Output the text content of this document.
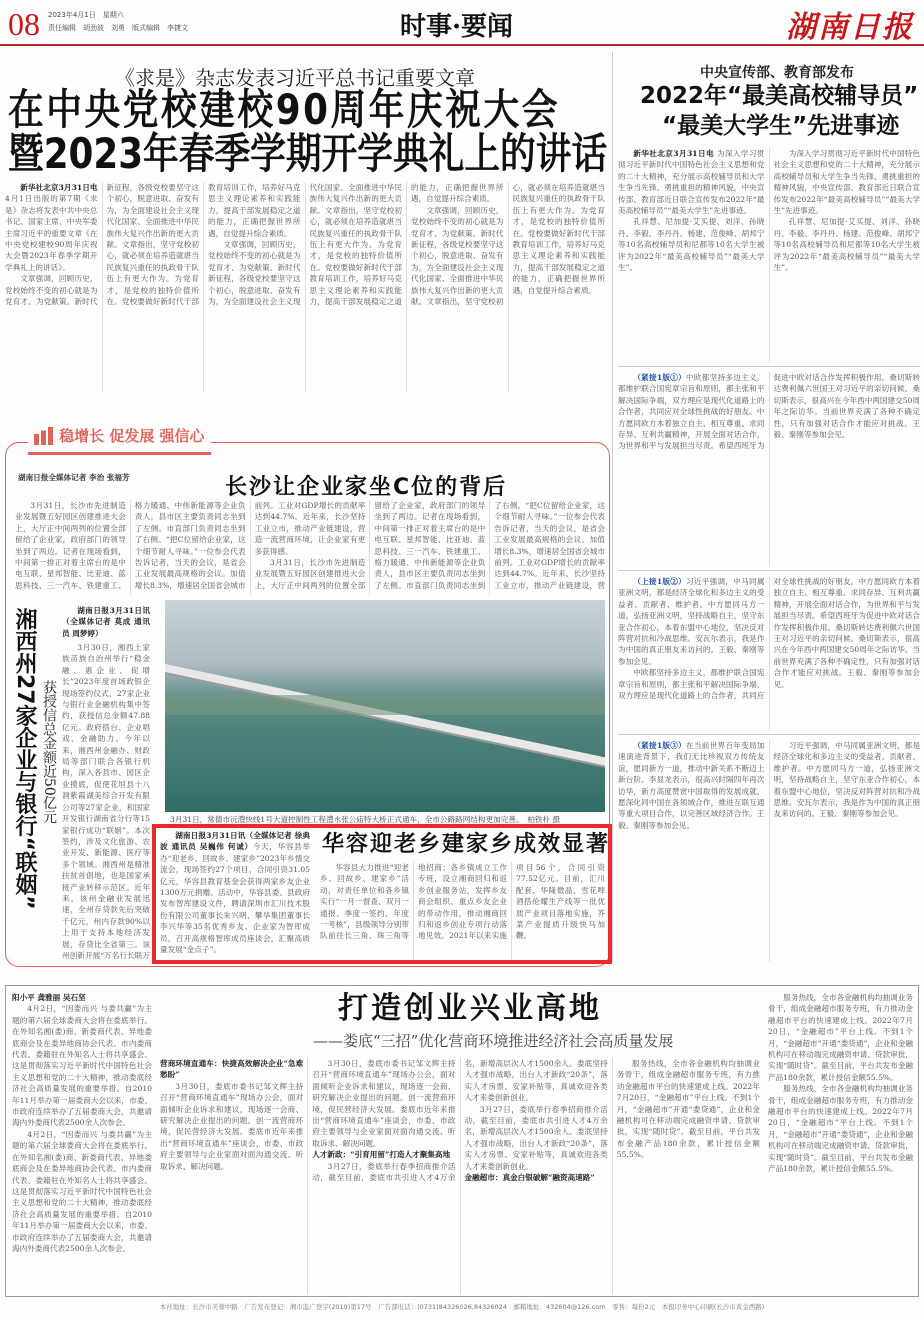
08 2023年4月1日　星期六
责任编辑　胡劲波　刘勇　版式编辑　李捷文	时事·要闻	湖南日报
《求是》杂志发表习近平总书记重要文章
在中央党校建校90周年庆祝大会
暨2023年春季学期开学典礼上的讲话

新华社北京3月31日电 4月1日出版的第7期《求是》杂志将发表中共中央总书记、国家主席、中央军委主席习近平的重要文章《在中央党校建校90周年庆祝大会暨2023年春季学期开学典礼上的讲话》。

文章强调，回顾历史，党校始终不变的初心就是为党育才、为党献策。新时代新征程，各级党校要坚守这个初心，脱意进取、奋发有为，为全面建设社会主义现代化国家、全面推进中华民族伟大复兴作出新的更大贡献。文章指出，坚守党校初心，就必须在培养造就堪当民族复兴重任的执政骨干队伍上有更大作为。为党育才，是党校的独特价值所在。党校要做好新时代干部教育培训工作，培养好马克思主义理论素养和实践能力，提高干部发展稳定之道的能力，正确把握世界所遇，自觉提升综合素质。

文章强调，回顾历史，党校始终不变的初心就是为党育才、为党献策。新时代新征程，各级党校要坚守这个初心，脱意进取、奋发有为，为全面建设社会主义现代化国家、全面推进中华民族伟大复兴作出新的更大贡献。文章指出，坚守党校初心，就必须在培养造就堪当民族复兴重任的执政骨干队伍上有更大作为。为党育才，是党校的独特价值所在。党校要做好新时代干部教育培训工作，培养好马克思主义理论素养和实践能力，提高干部发展稳定之道的能力，正确把握世界所遇，自觉提升综合素质。

文章强调，回顾历史，党校始终不变的初心就是为党育才、为党献策。新时代新征程，各级党校要坚守这个初心，脱意进取、奋发有为，为全面建设社会主义现代化国家、全面推进中华民族伟大复兴作出新的更大贡献。文章指出，坚守党校初心，就必须在培养造就堪当民族复兴重任的执政骨干队伍上有更大作为。为党育才，是党校的独特价值所在。党校要做好新时代干部教育培训工作，培养好马克思主义理论素养和实践能力，提高干部发展稳定之道的能力，正确把握世界所遇，自觉提升综合素质。

中央宣传部、教育部发布
2022年“最美高校辅导员”
“最美大学生”先进事迹

新华社北京3月31日电 为深入学习贯彻习近平新时代中国特色社会主义思想和党的二十大精神，充分展示高校辅导员和大学生争当先锋、勇挑重担的精神风貌，中央宣传部、教育部近日联合宣传发布2022年“最美高校辅导员”“最美大学生”先进事迹。

孔祥慧、尼加提·艾买提、刘洋、孙晓丹、李毅、李丹丹、杨建、范俊峰、胡邦宁等10名高校辅导员和尼都等10名大学生被评为2022年“最美高校辅导员”“最美大学生”。

为深入学习贯彻习近平新时代中国特色社会主义思想和党的二十大精神，充分展示高校辅导员和大学生争当先锋、勇挑重担的精神风貌，中央宣传部、教育部近日联合宣传发布2022年“最美高校辅导员”“最美大学生”先进事迹。

孔祥慧、尼加提·艾买提、刘洋、孙晓丹、李毅、李丹丹、杨建、范俊峰、胡邦宁等10名高校辅导员和尼都等10名大学生被评为2022年“最美高校辅导员”“最美大学生”。

（紧接1版①）中欧都坚持多边主义，都维护联合国宪章宗旨和原则，都主张和平解决国际争端，双方理应是现代化道路上的合作者，共同应对全球性挑战的好朋友。中方愿同欧方本着独立自主、相互尊重、求同存异、互利共赢精神，开展全面对话合作，为世界和平与发展担当尽责。希望西班牙为促进中欧对话合作发挥积极作用。桑切斯转达费利佩六世国王对习近平的亲切问候。桑切斯表示，很高兴在今年西中两国建交50周年之际访华。当前世界充满了各种不确定性，只有加强对话合作才能应对挑战。王毅、秦刚等参加会见。

（上接1版②）习近平强调，中马同属亚洲文明，都是经济全球化和多边主义的受益者、贡献者、维护者。中方愿同马方一道，弘扬亚洲文明，坚持战略自主，坚守东亚合作初心，本着东盟中心地位，坚决反对阵营对抗和冷战思维。安瓦尔表示，我是作为中国的真正朋友来访问的。王毅、秦刚等参加会见。

中欧都坚持多边主义，都维护联合国宪章宗旨和原则，都主张和平解决国际争端，双方理应是现代化道路上的合作者，共同应对全球性挑战的好朋友。中方愿同欧方本着独立自主、相互尊重、求同存异、互利共赢精神，开展全面对话合作，为世界和平与发展担当尽责。希望西班牙为促进中欧对话合作发挥积极作用。桑切斯转达费利佩六世国王对习近平的亲切问候。桑切斯表示，很高兴在今年西中两国建交50周年之际访华。当前世界充满了各种不确定性，只有加强对话合作才能应对挑战。王毅、秦刚等参加会见。

（紧接1版③）在当前世界百年变局加速演进背景下，我们无比珍视双方传统友谊，愿同新方一道，推动中新关系不断迈上新台阶。李显龙表示，很高兴时隔四年再次访华，新方高度赞赏中国取得的发展成就，愿深化同中国在各领域合作，推进互联互通等重大项目合作，以完善区域经济合作。王毅、秦刚等参加会见。

习近平强调，中马同属亚洲文明，都是经济全球化和多边主义的受益者、贡献者、维护者。中方愿同马方一道，弘扬亚洲文明，坚持战略自主，坚守东亚合作初心，本着东盟中心地位，坚决反对阵营对抗和冷战思维。安瓦尔表示，我是作为中国的真正朋友来访问的。王毅、秦刚等参加会见。

稳增长 促发展 强信心
长沙让企业家坐C位的背后
湖南日报全媒体记者 李治 张福芳

3月31日，长沙市先进制造业发展暨五好园区创建推进大会上，大厅正中间两列的位置全部留给了企业家，政府部门的领导坐到了两边。记者在现场看到，中间第一排正对着主席台的是中电互联、星邦智能、比亚迪、蓝思科技、三一汽车、铁建重工、格力暖通、中伟新能源等企业负责人，县市区主要负责同志坐到了左侧。市直部门负责同志坐到了右侧。“把C位留给企业家，这个细节耐人寻味。”一位参会代表告诉记者，当天的会议，是省会工业发展最高规格的会议。加值增长8.3%，增速居全国省会城市前列。工业对GDP增长的贡献率达到44.7%。近年来，长沙坚持工业立市，推动产业链建设，营造一流营商环境，让企业家有更多获得感。

3月31日，长沙市先进制造业发展暨五好园区创建推进大会上，大厅正中间两列的位置全部留给了企业家，政府部门的领导坐到了两边。记者在现场看到，中间第一排正对着主席台的是中电互联、星邦智能、比亚迪、蓝思科技、三一汽车、铁建重工、格力暖通、中伟新能源等企业负责人，县市区主要负责同志坐到了左侧。市直部门负责同志坐到了右侧。“把C位留给企业家，这个细节耐人寻味。”一位参会代表告诉记者，当天的会议，是省会工业发展最高规格的会议。加值增长8.3%，增速居全国省会城市前列。工业对GDP增长的贡献率达到44.7%。近年来，长沙坚持工业立市，推动产业链建设，营

湘西州27家企业与银行“联姻” 获授信总金额近50亿元

湖南日报3月31日讯（全媒体记者 莫成 通讯员 周梦婷）

3月30日，湘西土家族苗族自治州举行“稳金融、惠企业、促增长”2023年度首场政银企现场签约仪式，27家企业与银行业金融机构集中签约，获授信总金额47.88亿元。政府搭台、企业唱戏、金融助力。今年以来，湘西州金融办、财政局等部门联合各银行机构，深入各县市、园区企业摸底，促使花垣县十八洞紫霞湖美综合开发有限公司等27家企业，和国家开发银行湖南省分行等15家银行成功“联姻”。本次签约，涉及文化旅游、农业开发、新能源、医疗等多个领域。湘西州是精准扶贫首倡地，也是国家承接产业转移示范区。近年来，该州金融业发展迅速，全州存贷款先后突破千亿元，州内存款90%以上用于支持本地经济发展，存贷比全省第三。该州创新开展“万名行长联万

3月31日，常德市沅澧快线1号大道控制性工程澧水张公庙特大桥正式通车，全市公路路网结构更加完善。　 柏铁朴 摄
华容迎老乡建家乡成效显著

湖南日报3月31日讯（全媒体记者 徐典波 通讯员 吴巍伟 何诚）今天，华容县举办“迎老乡、回故乡、建家乡”2023年乡情交流会，现场签约27个项目，合同引资31.05亿元，华容县教育基金会获得两家乡友企业1300万元捐赠。活动中，华容县委、县政府发布智库建设文件，聘请深圳市汇川技术股份有限公司董事长朱兴明、攀华集团董事长李兴华等35名优秀乡友、企业家为智库成员，召开高规格智库成员座谈会，汇聚高质量发展“金点子”。

华容县大力推进“迎老乡、回故乡、建家乡”活动，对责任单位和各乡镇实行“一月一督查、双月一通报、季度一签约、年度一考核”，县级领导分别带队前往长三角、珠三角等地招商；各乡镇成立工作专班，设立湘商回归和返乡创业服务站，发挥乡友商会组织、重点乡友企业的带动作用，推动湘商回归和返乡创业专项行动落地见效。2021年以来实施项目56个，合同引资77.52亿元。目前，汇川配套、华隆微晶、雪花啤酒搭伦耀生产线等一批优质产业项目落地实施，芥菜产业提质升级快马加鞭。

打造创业兴业高地
——娄底“三招”优化营商环境推进经济社会高质量发展

阳小平 龚雅丽 吴石坚

4月2日，“因娄而兴 与娄共赢”为主题的第六届全球娄商大会将在娄底举行。在外知名湘(娄)商、新娄商代表、异地娄底商会及在娄异地商协会代表、市内娄商代表、娄籍驻在外知名人士将共享盛会。这是贯彻落实习近平新时代中国特色社会主义思想和党的二十大精神，推动娄底经济社会高质量发展的重要举措。自2010年11月举办第一届娄商大会以来，市委、市政府连续举办了五届娄商大会，共邀请海内外娄商代表2500余人次参会。

4月2日，“因娄而兴 与娄共赢”为主题的第六届全球娄商大会将在娄底举行。在外知名湘(娄)商、新娄商代表、异地娄底商会及在娄异地商协会代表、市内娄商代表、娄籍驻在外知名人士将共享盛会。这是贯彻落实习近平新时代中国特色社会主义思想和党的二十大精神，推动娄底经济社会高质量发展的重要举措。自2010年11月举办第一届娄商大会以来，市委、市政府连续举办了五届娄商大会，共邀请海内外娄商代表2500余人次参会。

营商环境直通车：快捷高效解决企业“急难愁盼”

3月30日，娄底市委书记邹文辉主持召开“营商环境直通车”现场办公会，面对面倾听企业诉求和建议，现场逐一会商、研究解决企业提出的问题。创一流营商环境，促民营经济大发展。娄底市近年来推出“营商环境直通车”座谈会，市委、市政府主要领导与企业家面对面沟通交流、听取诉求、解决问题。

3月30日，娄底市委书记邹文辉主持召开“营商环境直通车”现场办公会，面对面倾听企业诉求和建议，现场逐一会商、研究解决企业提出的问题。创一流营商环境，促民营经济大发展。娄底市近年来推出“营商环境直通车”座谈会，市委、市政府主要领导与企业家面对面沟通交流、听取诉求、解决问题。

人才新政：“引育用留”打造人才聚集高地

3月27日，娄底举行春季招商推介活动，截至目前，娄底市共引进人才4万余名，新增高层次人才1500余人。娄底坚持人才强市战略，出台人才新政“20条”，落实人才房票、安家补贴等，真诚欢迎各类人才来娄创新创业。

3月27日，娄底举行春季招商推介活动，截至目前，娄底市共引进人才4万余名，新增高层次人才1500余人。娄底坚持人才强市战略，出台人才新政“20条”，落实人才房票、安家补贴等，真诚欢迎各类人才来娄创新创业。

金融超市：真金白银破解“融资高速路”

服务热线，全市各金融机构均抽调业务骨干，组成金融超市服务专班，有力推动金融超市平台的快速建成上线。2022年7月20日，“金融超市”平台上线。不到1个月，“金融超市”开通“娄贷通”，企业和金融机构可在移动端完成融资申请、贷款审批，实现“随时贷”。截至目前，平台共发布金融产品180余款，累计授信金额55.5%。

服务热线，全市各金融机构均抽调业务骨干，组成金融超市服务专班，有力推动金融超市平台的快速建成上线。2022年7月20日，“金融超市”平台上线。不到1个月，“金融超市”开通“娄贷通”，企业和金融机构可在移动端完成融资申请、贷款审批，实现“随时贷”。截至目前，平台共发布金融产品180余款，累计授信金额55.5%。

服务热线，全市各金融机构均抽调业务骨干，组成金融超市服务专班，有力推动金融超市平台的快速建成上线。2022年7月20日，“金融超市”平台上线。不到1个月，“金融超市”开通“娄贷通”，企业和金融机构可在移动端完成融资申请、贷款审批，实现“随时贷”。截至目前，平台共发布金融产品180余款，累计授信金额55.5%。

本社地址：长沙市芙蓉中路　广告发布登记：湘市监广登字(2019)第17号　广告部电话：(0731)84326026,84326024　邮箱地址：432604@126.com　零售：每份2元　本报印务中心印刷(长沙市黄金西路)
